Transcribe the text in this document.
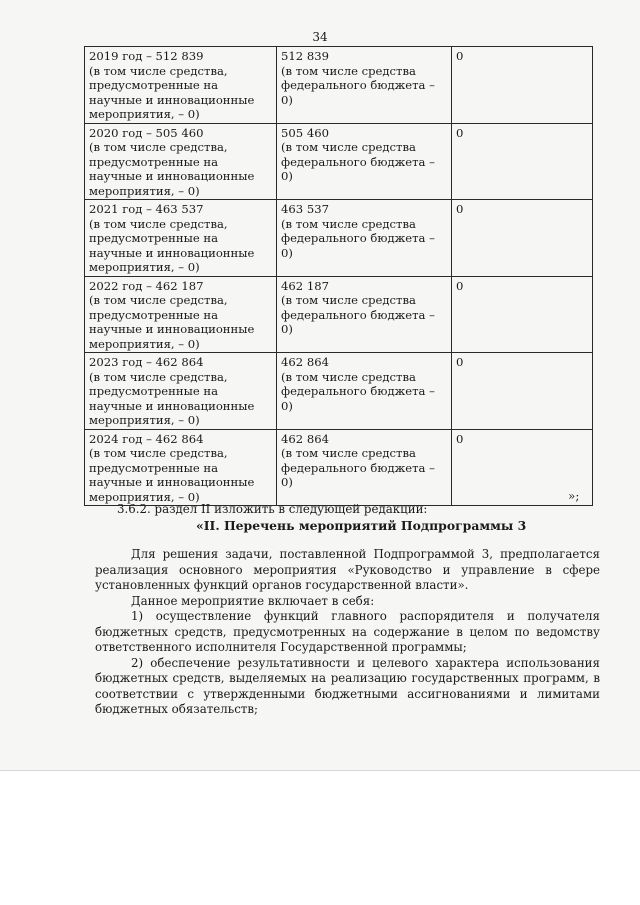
34
2019 год – 512 839
(в том числе средства,
предусмотренные на
научные и инновационные
мероприятия, – 0)	512 839
(в том числе средства
федерального бюджета –
0)	0

2020 год – 505 460
(в том числе средства,
предусмотренные на
научные и инновационные
мероприятия, – 0)	505 460
(в том числе средства
федерального бюджета –
0)	0

2021 год – 463 537
(в том числе средства,
предусмотренные на
научные и инновационные
мероприятия, – 0)	463 537
(в том числе средства
федерального бюджета –
0)	0

2022 год – 462 187
(в том числе средства,
предусмотренные на
научные и инновационные
мероприятия, – 0)	462 187
(в том числе средства
федерального бюджета –
0)	0

2023 год – 462 864
(в том числе средства,
предусмотренные на
научные и инновационные
мероприятия, – 0)	462 864
(в том числе средства
федерального бюджета –
0)	0

2024 год – 462 864
(в том числе средства,
предусмотренные на
научные и инновационные
мероприятия, – 0)	462 864
(в том числе средства
федерального бюджета –
0)	0
»;
3.6.2. раздел II изложить в следующей редакции:
«II. Перечень мероприятий Подпрограммы 3

Для решения задачи, поставленной Подпрограммой 3, предполагается реализация основного мероприятия «Руководство и управление в сфере установленных функций органов государственной власти».

Данное мероприятие включает в себя:

1) осуществление функций главного распорядителя и получателя бюджетных средств, предусмотренных на содержание в целом по ведомству ответственного исполнителя Государственной программы;

2) обеспечение результативности и целевого характера использования бюджетных средств, выделяемых на реализацию государственных программ, в соответствии с утвержденными бюджетными ассигнованиями и лимитами бюджетных обязательств;
